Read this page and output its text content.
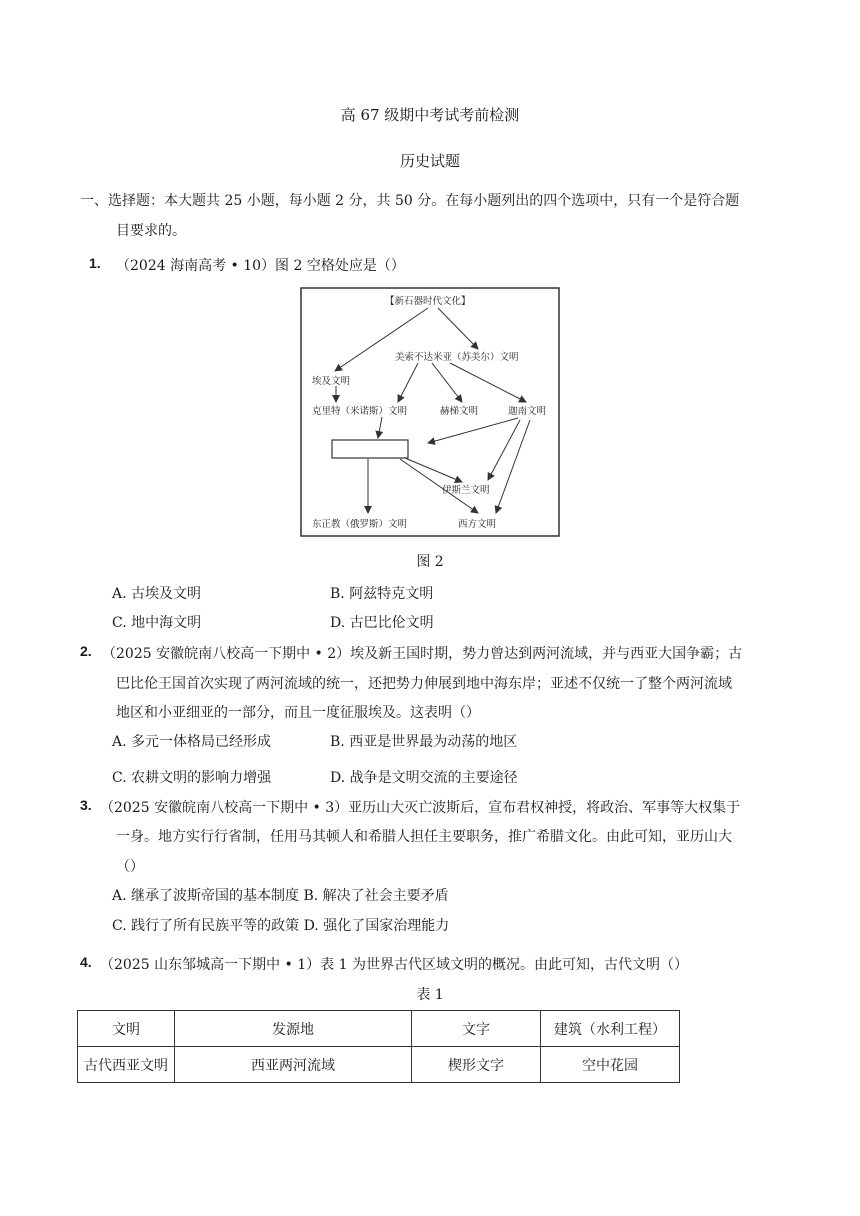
高 67 级期中考试考前检测
历史试题
一、选择题：本大题共 25 小题，每小题 2 分，共 50 分。在每小题列出的四个选项中，只有一个是符合题
目要求的。
1. （2024 海南高考 • 10）图 2 空格处应是（）
【新石器时代文化】
美索不达米亚（苏美尔）文明
埃及文明
克里特（米诺斯）文明	赫梯文明	迦南文明
伊斯兰文明
东正教（俄罗斯）文明	西方文明
图 2
A. 古埃及文明	B. 阿兹特克文明
C. 地中海文明	D. 古巴比伦文明
2. （2025 安徽皖南八校高一下期中 • 2）埃及新王国时期，势力曾达到两河流域，并与西亚大国争霸；古
巴比伦王国首次实现了两河流域的统一，还把势力伸展到地中海东岸；亚述不仅统一了整个两河流域
地区和小亚细亚的一部分，而且一度征服埃及。这表明（）
A. 多元一体格局已经形成	B. 西亚是世界最为动荡的地区
C. 农耕文明的影响力增强	D. 战争是文明交流的主要途径
3. （2025 安徽皖南八校高一下期中 • 3）亚历山大灭亡波斯后，宣布君权神授，将政治、军事等大权集于
一身。地方实行行省制，任用马其顿人和希腊人担任主要职务，推广希腊文化。由此可知，亚历山大
（）
A. 继承了波斯帝国的基本制度 B. 解决了社会主要矛盾
C. 践行了所有民族平等的政策 D. 强化了国家治理能力
4. （2025 山东邹城高一下期中 • 1）表 1 为世界古代区域文明的概况。由此可知，古代文明（）
表 1
文明	发源地	文字	建筑（水利工程）
古代西亚文明	西亚两河流域	楔形文字	空中花园
